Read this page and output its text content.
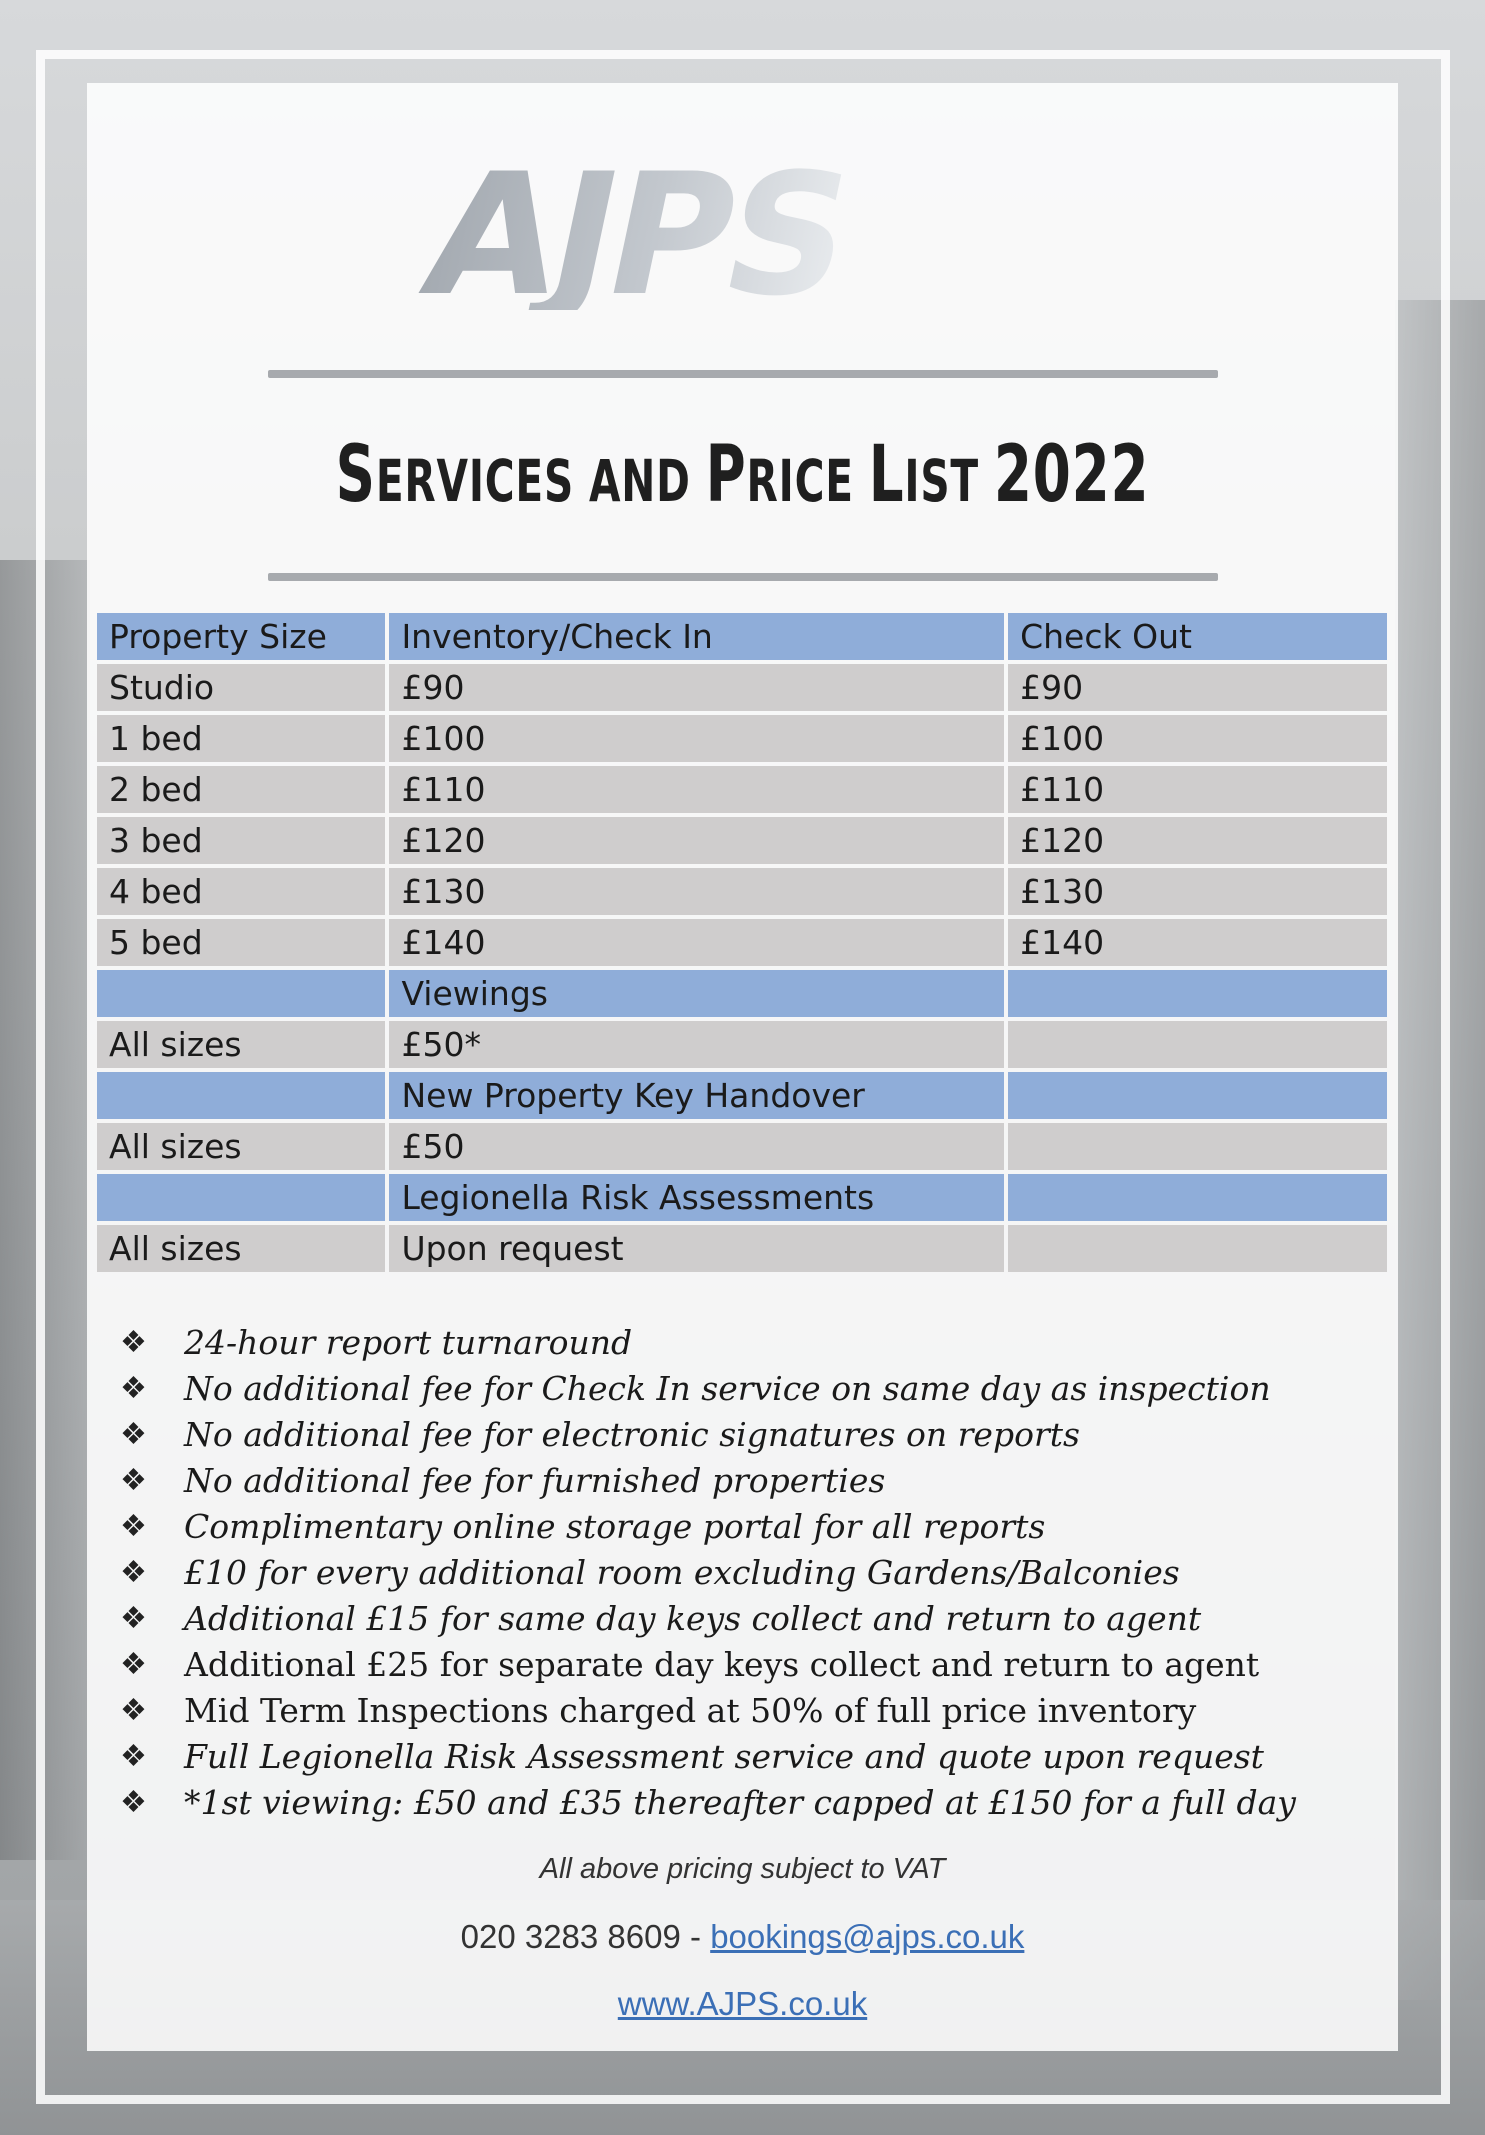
AJPS
SERVICES AND PRICE LIST 2022
Property Size	Inventory/Check In	Check Out
Studio	£90	£90
1 bed	£100	£100
2 bed	£110	£110
3 bed	£120	£120
4 bed	£130	£130
5 bed	£140	£140
	Viewings	
All sizes	£50*	
	New Property Key Handover	
All sizes	£50	
	Legionella Risk Assessments	
All sizes	Upon request	
❖	24-hour report turnaround
❖	No additional fee for Check In service on same day as inspection
❖	No additional fee for electronic signatures on reports
❖	No additional fee for furnished properties
❖	Complimentary online storage portal for all reports
❖	£10 for every additional room excluding Gardens/Balconies
❖	Additional £15 for same day keys collect and return to agent
❖	Additional £25 for separate day keys collect and return to agent
❖	Mid Term Inspections charged at 50% of full price inventory
❖	Full Legionella Risk Assessment service and quote upon request
❖	*1st viewing: £50 and £35 thereafter capped at £150 for a full day
All above pricing subject to VAT
020 3283 8609 - bookings@ajps.co.uk
www.AJPS.co.uk
